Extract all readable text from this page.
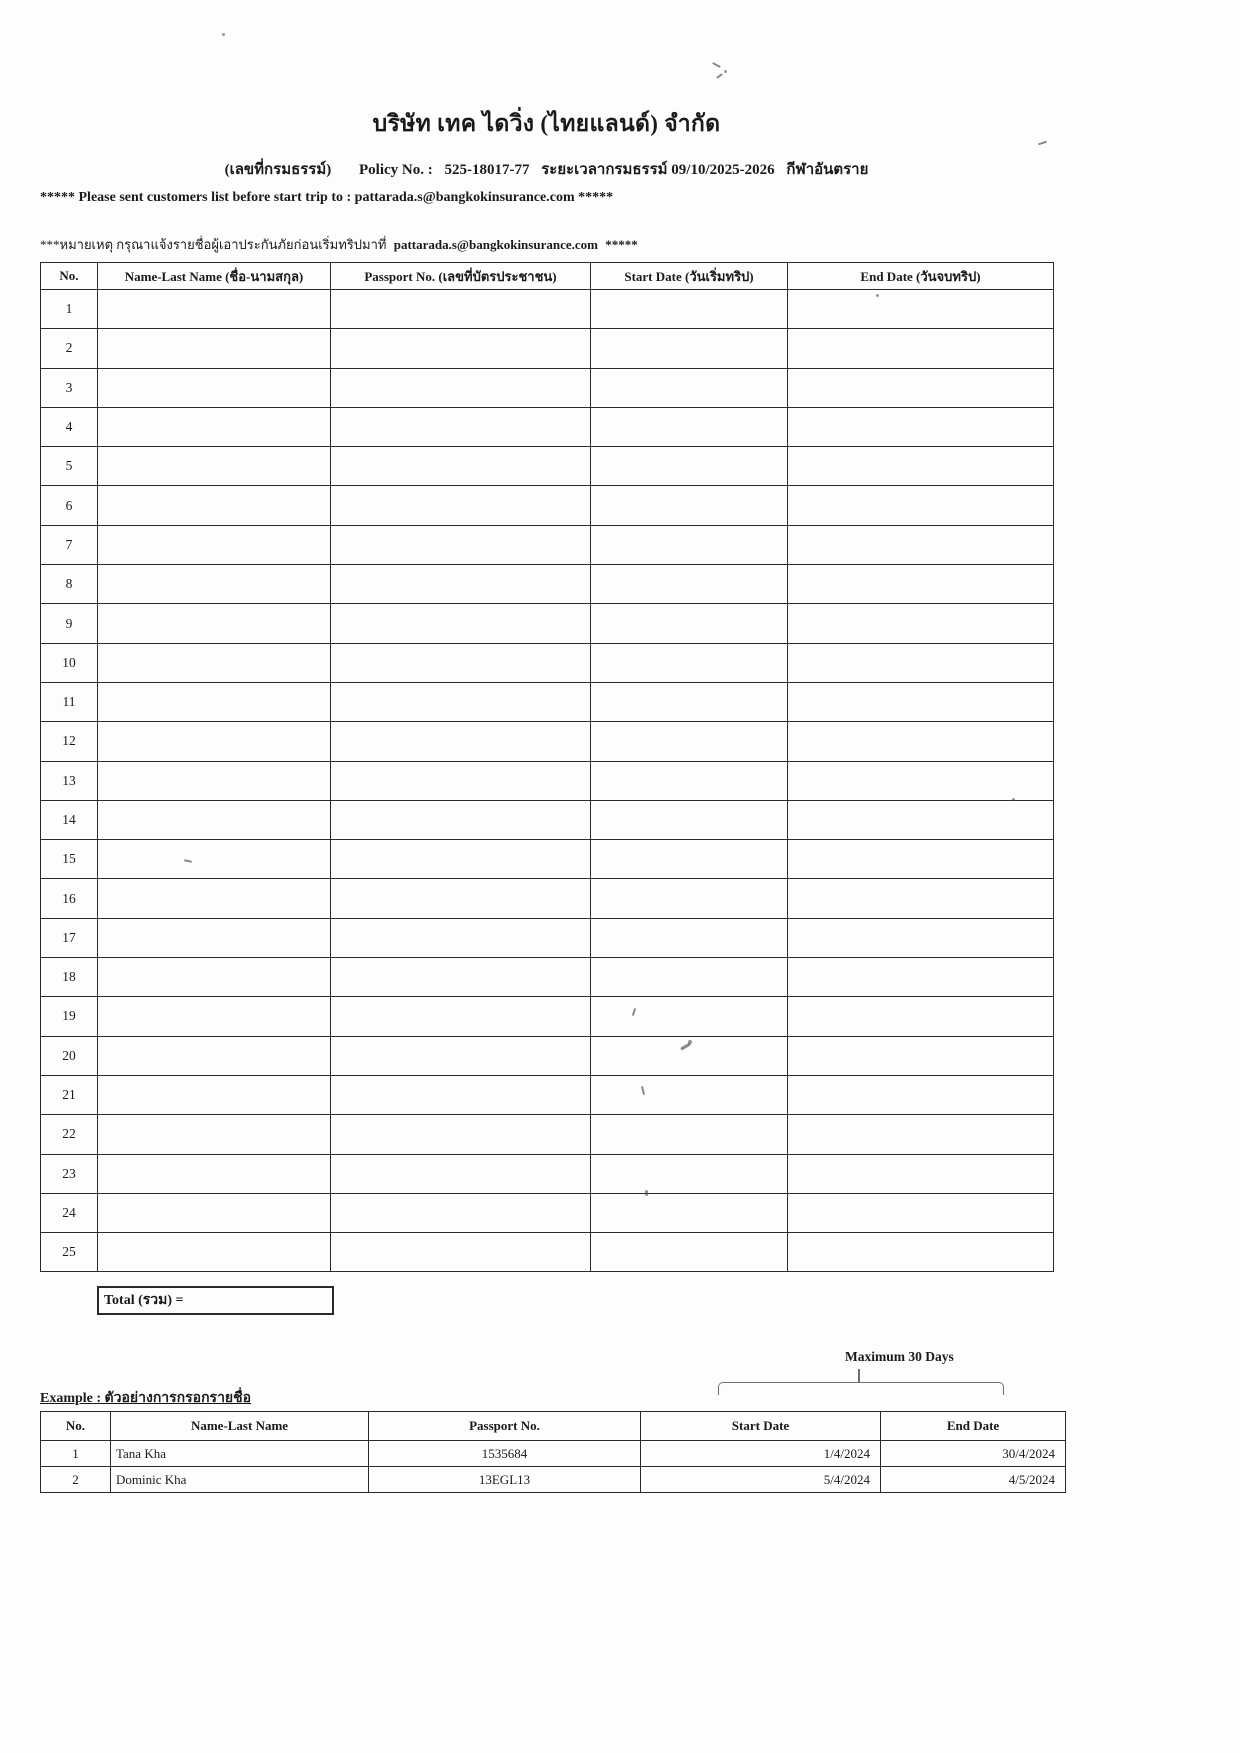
บริษัท เทค ไดวิ่ง (ไทยแลนด์) จำกัด
(เลขที่กรมธรรม์) Policy No. : 525-18017-77 ระยะเวลากรมธรรม์ 09/10/2025-2026 กีฬาอันตราย
***** Please sent customers list before start trip to : pattarada.s@bangkokinsurance.com *****
***หมายเหตุ กรุณาแจ้งรายชื่อผู้เอาประกันภัยก่อนเริ่มทริปมาที่ pattarada.s@bangkokinsurance.com *****
No.	Name-Last Name (ชื่อ-นามสกุล)	Passport No. (เลขที่บัตรประชาชน)	Start Date (วันเริ่มทริป)	End Date (วันจบทริป)
1				
2				
3				
4				
5				
6				
7				
8				
9				
10				
11				
12				
13				
14				
15				
16				
17				
18				
19				
20				
21				
22				
23				
24				
25				
Total (รวม) =
Maximum 30 Days
Example : ตัวอย่างการกรอกรายชื่อ
No.	Name-Last Name	Passport No.	Start Date	End Date
1	Tana Kha	1535684	1/4/2024	30/4/2024
2	Dominic Kha	13EGL13	5/4/2024	4/5/2024
